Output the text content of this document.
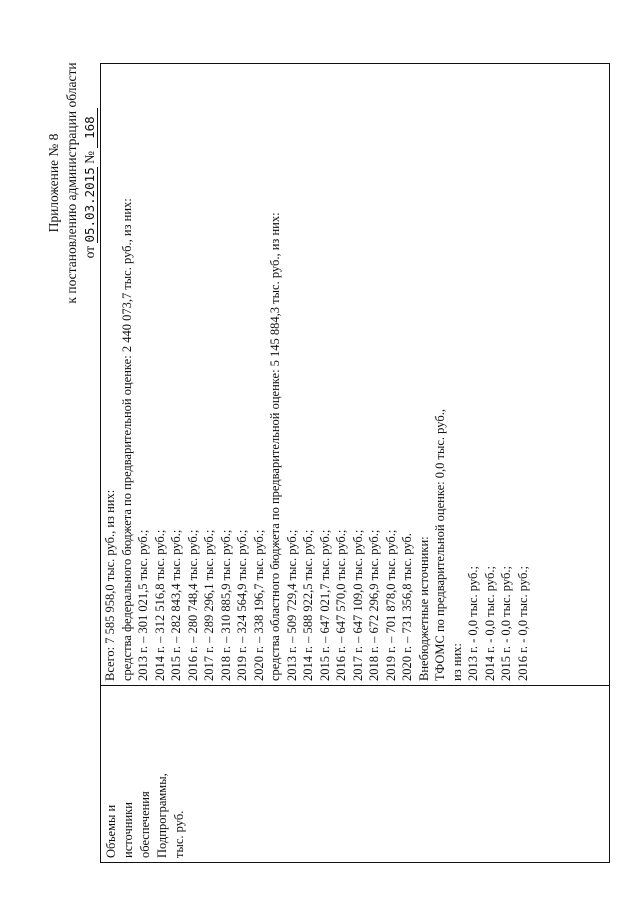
Приложение № 8 к постановлению администрации области от 05.03.2015 № 168
Объемы и источники обеспечения Подпрограммы, тыс. руб.
Всего: 7 585 958,0 тыс. руб., из них: средства федерального бюджета по предварительной оценке: 2 440 073,7 тыс. руб., из них: 2013 г. – 301 021,5 тыс. руб.; 2014 г. – 312 516,8 тыс. руб.; 2015 г. – 282 843,4 тыс. руб.; 2016 г. – 280 748,4 тыс. руб.; 2017 г. – 289 296,1 тыс. руб.; 2018 г. – 310 885,9 тыс. руб.; 2019 г. – 324 564,9 тыс. руб.; 2020 г. – 338 196,7 тыс. руб.; средства областного бюджета по предварительной оценке: 5 145 884,3 тыс. руб., из них: 2013 г. – 509 729,4 тыс. руб.; 2014 г. – 588 922,5 тыс. руб.; 2015 г. – 647 021,7 тыс. руб.; 2016 г. – 647 570,0 тыс. руб.; 2017 г. – 647 109,0 тыс. руб.; 2018 г. – 672 296,9 тыс. руб.; 2019 г. – 701 878,0 тыс. руб.; 2020 г. – 731 356,8 тыс. руб. Внебюджетные источники: ТФОМС по предварительной оценке: 0,0 тыс. руб., из них: 2013 г. - 0,0 тыс. руб.; 2014 г. - 0,0 тыс. руб.; 2015 г. - 0,0 тыс. руб.; 2016 г. - 0,0 тыс. руб.;
